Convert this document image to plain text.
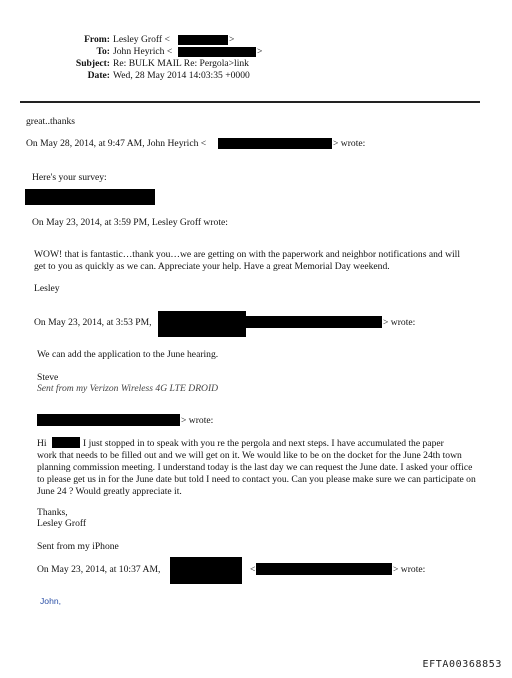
From: Lesley Groff <	>
To: John Heyrich <	>
Subject: Re: BULK MAIL Re: Pergola>link
Date: Wed, 28 May 2014 14:03:35 +0000
great..thanks
On May 28, 2014, at 9:47 AM, John Heyrich <	> wrote:
Here's your survey:
On May 23, 2014, at 3:59 PM, Lesley Groff wrote:
WOW! that is fantastic…thank you…we are getting on with the paperwork and neighbor notifications and will get to you as quickly as we can. Appreciate your help. Have a great Memorial Day weekend.
Lesley
On May 23, 2014, at 3:53 PM,	> wrote:
We can add the application to the June hearing.
Steve
Sent from my Verizon Wireless 4G LTE DROID
> wrote:
Hi	I just stopped in to speak with you re the pergola and next steps. I have accumulated the paper
work that needs to be filled out and we will get on it. We would like to be on the docket for the June 24th town planning commission meeting. I understand today is the last day we can request the June date. I asked your office to please get us in for the June date but told I need to contact you. Can you please make sure we can participate on June 24 ? Would greatly appreciate it.
Thanks,
Lesley Groff
Sent from my iPhone
On May 23, 2014, at 10:37 AM,	<	> wrote:
John,
EFTA00368853
